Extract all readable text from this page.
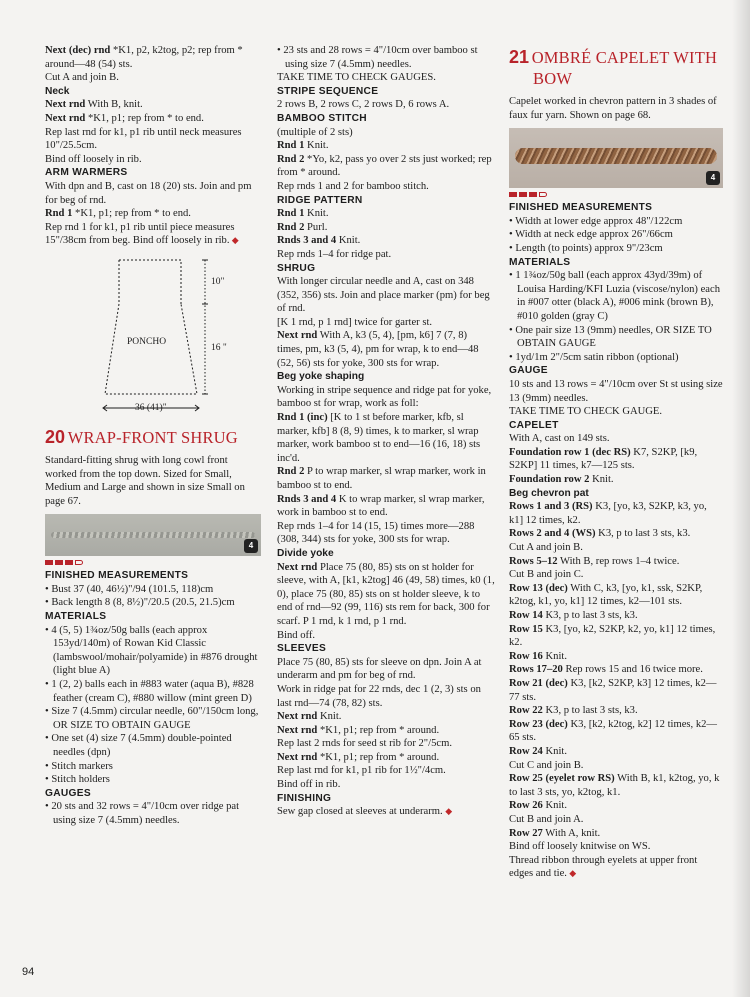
Next (dec) rnd *K1, p2, k2tog, p2; rep from * around—48 (54) sts.

Cut A and join B.

Neck

Next rnd With B, knit.

Next rnd *K1, p1; rep from * to end.

Rep last rnd for k1, p1 rib until neck measures 10"/25.5cm.

Bind off loosely in rib.

ARM WARMERS

With dpn and B, cast on 18 (20) sts. Join and pm for beg of rnd.

Rnd 1 *K1, p1; rep from * to end.

Rep rnd 1 for k1, p1 rib until piece measures 15"/38cm from beg. Bind off loosely in rib. ◆

PONCHO
10"
16 "
36 (41)"
20 WRAP-FRONT SHRUG

Standard-fitting shrug with long cowl front worked from the top down. Sized for Small, Medium and Large and shown in size Small on page 67.

4

FINISHED MEASUREMENTS

• Bust 37 (40, 46½)"/94 (101.5, 118)cm

• Back length 8 (8, 8½)"/20.5 (20.5, 21.5)cm

MATERIALS

• 4 (5, 5) 1¾oz/50g balls (each approx 153yd/140m) of Rowan Kid Classic (lambswool/mohair/polyamide) in #876 drought (light blue A)

• 1 (2, 2) balls each in #883 water (aqua B), #828 feather (cream C), #880 willow (mint green D)

• Size 7 (4.5mm) circular needle, 60"/150cm long, OR SIZE TO OBTAIN GAUGE

• One set (4) size 7 (4.5mm) double-pointed needles (dpn)

• Stitch markers

• Stitch holders

GAUGES

• 20 sts and 32 rows = 4"/10cm over ridge pat using size 7 (4.5mm) needles.

• 23 sts and 28 rows = 4"/10cm over bamboo st using size 7 (4.5mm) needles.

TAKE TIME TO CHECK GAUGES.

STRIPE SEQUENCE

2 rows B, 2 rows C, 2 rows D, 6 rows A.

BAMBOO STITCH

(multiple of 2 sts)

Rnd 1 Knit.

Rnd 2 *Yo, k2, pass yo over 2 sts just worked; rep from * around.

Rep rnds 1 and 2 for bamboo stitch.

RIDGE PATTERN

Rnd 1 Knit.

Rnd 2 Purl.

Rnds 3 and 4 Knit.

Rep rnds 1–4 for ridge pat.

SHRUG

With longer circular needle and A, cast on 348 (352, 356) sts. Join and place marker (pm) for beg of rnd.

[K 1 rnd, p 1 rnd] twice for garter st.

Next rnd With A, k3 (5, 4), [pm, k6] 7 (7, 8) times, pm, k3 (5, 4), pm for wrap, k to end—48 (52, 56) sts for yoke, 300 sts for wrap.

Beg yoke shaping

Working in stripe sequence and ridge pat for yoke, bamboo st for wrap, work as foll:

Rnd 1 (inc) [K to 1 st before marker, kfb, sl marker, kfb] 8 (8, 9) times, k to marker, sl wrap marker, work bamboo st to end—16 (16, 18) sts inc'd.

Rnd 2 P to wrap marker, sl wrap marker, work in bamboo st to end.

Rnds 3 and 4 K to wrap marker, sl wrap marker, work in bamboo st to end.

Rep rnds 1–4 for 14 (15, 15) times more—288 (308, 344) sts for yoke, 300 sts for wrap.

Divide yoke

Next rnd Place 75 (80, 85) sts on st holder for sleeve, with A, [k1, k2tog] 46 (49, 58) times, k0 (1, 0), place 75 (80, 85) sts on st holder sleeve, k to end of rnd—92 (99, 116) sts rem for back, 300 for scarf. P 1 rnd, k 1 rnd, p 1 rnd.

Bind off.

SLEEVES

Place 75 (80, 85) sts for sleeve on dpn. Join A at underarm and pm for beg of rnd.

Work in ridge pat for 22 rnds, dec 1 (2, 3) sts on last rnd—74 (78, 82) sts.

Next rnd Knit.

Next rnd *K1, p1; rep from * around.

Rep last 2 rnds for seed st rib for 2"/5cm.

Next rnd *K1, p1; rep from * around.

Rep last rnd for k1, p1 rib for 1½"/4cm.

Bind off in rib.

FINISHING

Sew gap closed at sleeves at underarm. ◆

21 OMBRÉ CAPELET WITH
BOW

Capelet worked in chevron pattern in 3 shades of faux fur yarn. Shown on page 68.

4

FINISHED MEASUREMENTS

• Width at lower edge approx 48"/122cm

• Width at neck edge approx 26"/66cm

• Length (to points) approx 9"/23cm

MATERIALS

• 1 1¾oz/50g ball (each approx 43yd/39m) of Louisa Harding/KFI Luzia (viscose/nylon) each in #007 otter (black A), #006 mink (brown B), #010 golden (gray C)

• One pair size 13 (9mm) needles, OR SIZE TO OBTAIN GAUGE

• 1yd/1m 2"/5cm satin ribbon (optional)

GAUGE

10 sts and 13 rows = 4"/10cm over St st using size 13 (9mm) needles.

TAKE TIME TO CHECK GAUGE.

CAPELET

With A, cast on 149 sts.

Foundation row 1 (dec RS) K7, S2KP, [k9, S2KP] 11 times, k7—125 sts.

Foundation row 2 Knit.

Beg chevron pat

Rows 1 and 3 (RS) K3, [yo, k3, S2KP, k3, yo, k1] 12 times, k2.

Rows 2 and 4 (WS) K3, p to last 3 sts, k3.

Cut A and join B.

Rows 5–12 With B, rep rows 1–4 twice.

Cut B and join C.

Row 13 (dec) With C, k3, [yo, k1, ssk, S2KP, k2tog, k1, yo, k1] 12 times, k2—101 sts.

Row 14 K3, p to last 3 sts, k3.

Row 15 K3, [yo, k2, S2KP, k2, yo, k1] 12 times, k2.

Row 16 Knit.

Rows 17–20 Rep rows 15 and 16 twice more.

Row 21 (dec) K3, [k2, S2KP, k3] 12 times, k2—77 sts.

Row 22 K3, p to last 3 sts, k3.

Row 23 (dec) K3, [k2, k2tog, k2] 12 times, k2—65 sts.

Row 24 Knit.

Cut C and join B.

Row 25 (eyelet row RS) With B, k1, k2tog, yo, k to last 3 sts, yo, k2tog, k1.

Row 26 Knit.

Cut B and join A.

Row 27 With A, knit.

Bind off loosely knitwise on WS.

Thread ribbon through eyelets at upper front edges and tie. ◆

94
